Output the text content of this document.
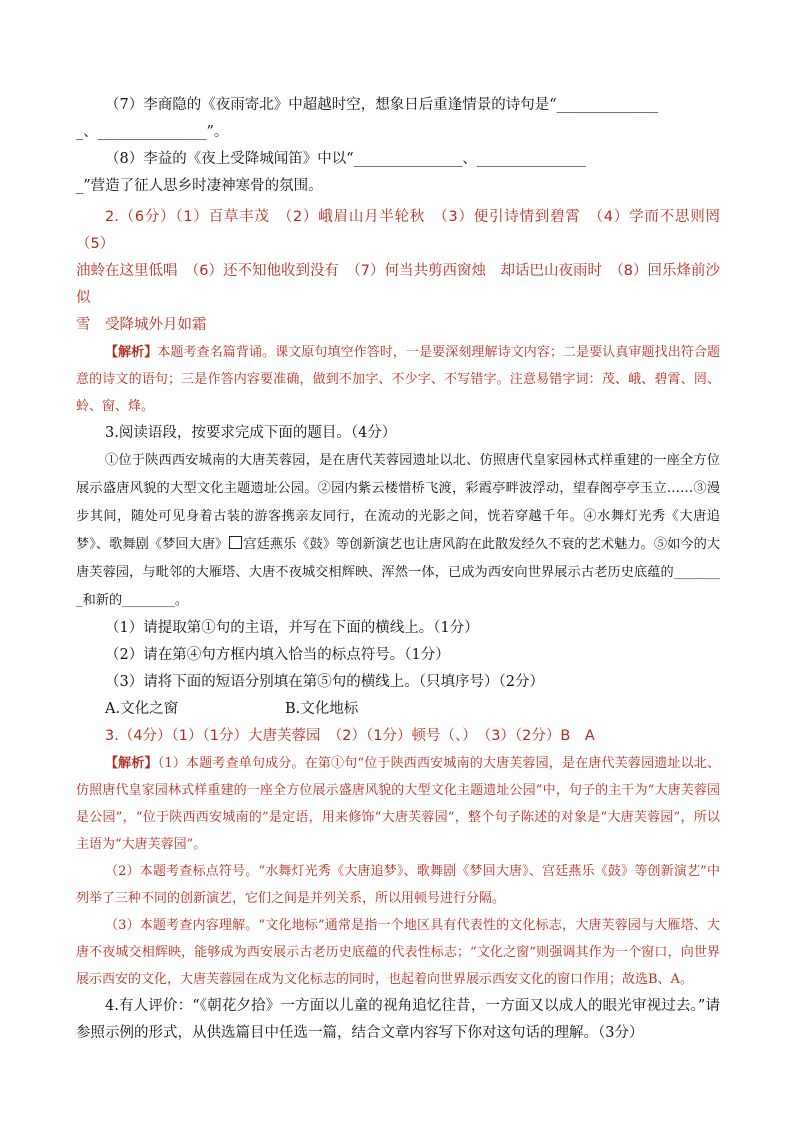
（7）李商隐的《夜雨寄北》中超越时空，想象日后重逢情景的诗句是“______________

_、_______________”。

（8）李益的《夜上受降城闻笛》中以“_______________、_______________

_”营造了征人思乡时凄神寒骨的氛围。

2.（6分）（1）百草丰茂　（2）峨眉山月半轮秋　（3）便引诗情到碧霄　（4）学而不思则罔　（5）

油蛉在这里低唱　（6）还不知他收到没有　（7）何当共剪西窗烛　却话巴山夜雨时　（8）回乐烽前沙似

雪　受降城外月如霜

【解析】本题考查名篇背诵。课文原句填空作答时，一是要深刻理解诗文内容；二是要认真审题找出符合题意的诗文的语句；三是作答内容要准确，做到不加字、不少字、不写错字。注意易错字词：茂、峨、碧霄、罔、蛉、窗、烽。

3.阅读语段，按要求完成下面的题目。（4分）

①位于陕西西安城南的大唐芙蓉园，是在唐代芙蓉园遗址以北、仿照唐代皇家园林式样重建的一座全方位展示盛唐风貌的大型文化主题遗址公园。②园内紫云楼惜桥飞渡，彩霞亭畔波浮动，望春阁亭亭玉立……③漫步其间，随处可见身着古装的游客携亲友同行，在流动的光影之间，恍若穿越千年。④水舞灯光秀《大唐追梦》、歌舞剧《梦回大唐》 宫廷燕乐《鼓》等创新演艺也让唐风韵在此散发经久不衰的艺术魅力。⑤如今的大唐芙蓉园，与毗邻的大雁塔、大唐不夜城交相辉映、浑然一体，已成为西安向世界展示古老历史底蕴的________和新的________。

（1）请提取第①句的主语，并写在下面的横线上。（1分）

（2）请在第④句方框内填入恰当的标点符号。（1分）

（3）请将下面的短语分别填在第⑤句的横线上。（只填序号）（2分）

A.文化之窗	B.文化地标

3.（4分）（1）（1分）大唐芙蓉园　（2）（1分）顿号（、）　（3）（2分）B　A

【解析】（1）本题考查单句成分。在第①句“位于陕西西安城南的大唐芙蓉园，是在唐代芙蓉园遗址以北、仿照唐代皇家园林式样重建的一座全方位展示盛唐风貌的大型文化主题遗址公园”中，句子的主干为“大唐芙蓉园是公园”，“位于陕西西安城南的”是定语，用来修饰“大唐芙蓉园”，整个句子陈述的对象是“大唐芙蓉园”，所以主语为“大唐芙蓉园”。

（2）本题考查标点符号。“水舞灯光秀《大唐追梦》、歌舞剧《梦回大唐》、宫廷燕乐《鼓》等创新演艺”中列举了三种不同的创新演艺，它们之间是并列关系，所以用顿号进行分隔。

（3）本题考查内容理解。“文化地标”通常是指一个地区具有代表性的文化标志，大唐芙蓉园与大雁塔、大唐不夜城交相辉映，能够成为西安展示古老历史底蕴的代表性标志；“文化之窗”则强调其作为一个窗口，向世界展示西安的文化，大唐芙蓉园在成为文化标志的同时，也起着向世界展示西安文化的窗口作用；故选B、A。

4.有人评价：“《朝花夕拾》一方面以儿童的视角追忆往昔，一方面又以成人的眼光审视过去。”请参照示例的形式，从供选篇目中任选一篇，结合文章内容写下你对这句话的理解。（3分）
